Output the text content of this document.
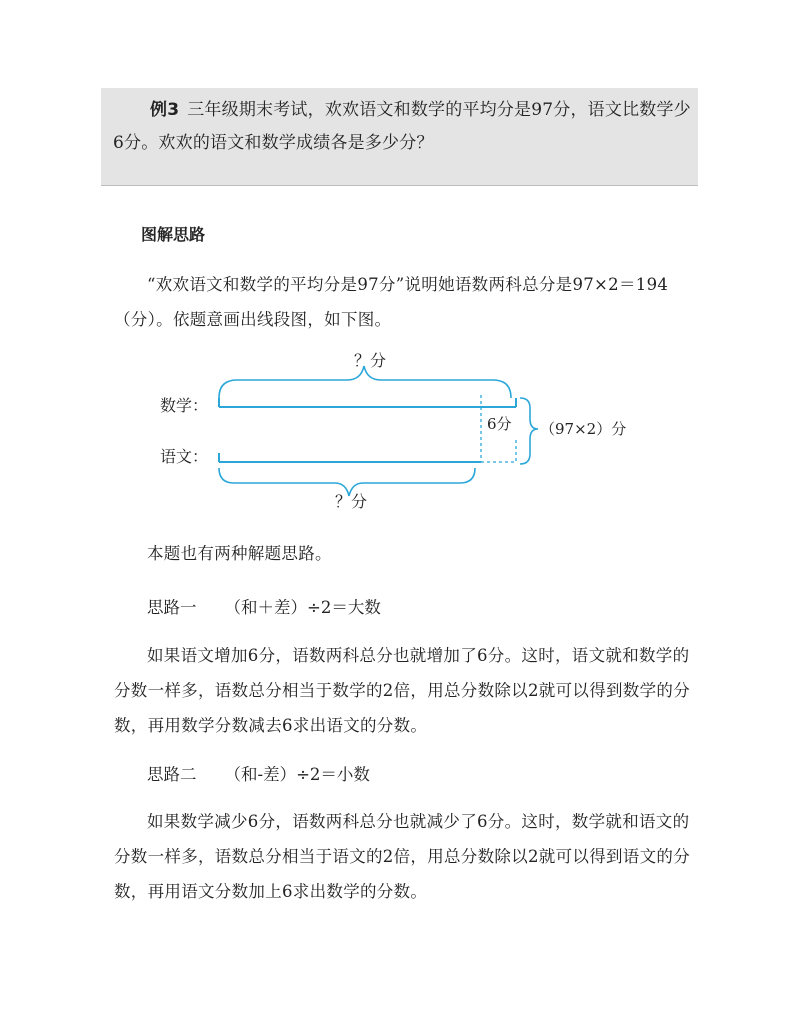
例3 三年级期末考试，欢欢语文和数学的平均分是97分，语文比数学少6分。欢欢的语文和数学成绩各是多少分？
图解思路
“欢欢语文和数学的平均分是97分”说明她语数两科总分是97×2＝194（分）。依题意画出线段图，如下图。
？分
数学：
6分
语文：
（97×2）分
？分
本题也有两种解题思路。
思路一 （和＋差）÷2＝大数
如果语文增加6分，语数两科总分也就增加了6分。这时，语文就和数学的分数一样多，语数总分相当于数学的2倍，用总分数除以2就可以得到数学的分数，再用数学分数减去6求出语文的分数。
思路二 （和-差）÷2＝小数
如果数学减少6分，语数两科总分也就减少了6分。这时，数学就和语文的分数一样多，语数总分相当于语文的2倍，用总分数除以2就可以得到语文的分数，再用语文分数加上6求出数学的分数。
